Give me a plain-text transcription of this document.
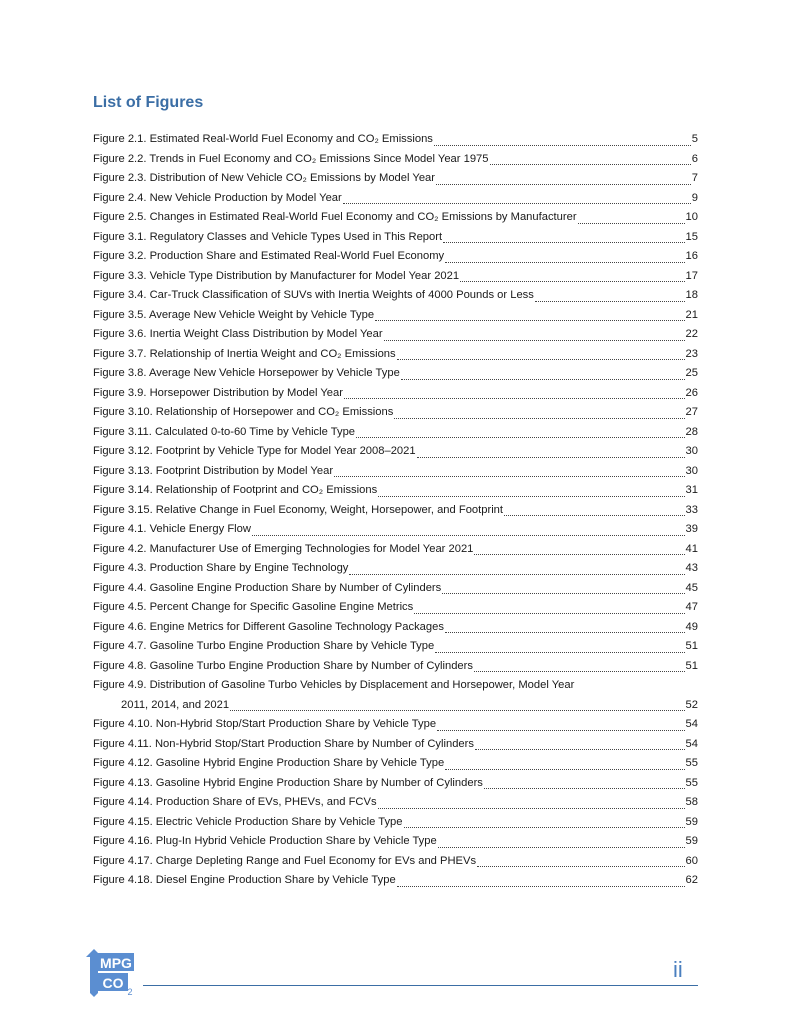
List of Figures
Figure 2.1. Estimated Real-World Fuel Economy and CO₂ Emissions	5
Figure 2.2. Trends in Fuel Economy and CO₂ Emissions Since Model Year 1975	6
Figure 2.3. Distribution of New Vehicle CO₂ Emissions by Model Year	7
Figure 2.4. New Vehicle Production by Model Year	9
Figure 2.5. Changes in Estimated Real-World Fuel Economy and CO₂ Emissions by Manufacturer	10
Figure 3.1. Regulatory Classes and Vehicle Types Used in This Report	15
Figure 3.2. Production Share and Estimated Real-World Fuel Economy	16
Figure 3.3. Vehicle Type Distribution by Manufacturer for Model Year 2021	17
Figure 3.4. Car-Truck Classification of SUVs with Inertia Weights of 4000 Pounds or Less	18
Figure 3.5. Average New Vehicle Weight by Vehicle Type	21
Figure 3.6. Inertia Weight Class Distribution by Model Year	22
Figure 3.7. Relationship of Inertia Weight and CO₂ Emissions	23
Figure 3.8. Average New Vehicle Horsepower by Vehicle Type	25
Figure 3.9. Horsepower Distribution by Model Year	26
Figure 3.10. Relationship of Horsepower and CO₂ Emissions	27
Figure 3.11. Calculated 0-to-60 Time by Vehicle Type	28
Figure 3.12. Footprint by Vehicle Type for Model Year 2008–2021	30
Figure 3.13. Footprint Distribution by Model Year	30
Figure 3.14. Relationship of Footprint and CO₂ Emissions	31
Figure 3.15. Relative Change in Fuel Economy, Weight, Horsepower, and Footprint	33
Figure 4.1. Vehicle Energy Flow	39
Figure 4.2. Manufacturer Use of Emerging Technologies for Model Year 2021	41
Figure 4.3. Production Share by Engine Technology	43
Figure 4.4. Gasoline Engine Production Share by Number of Cylinders	45
Figure 4.5. Percent Change for Specific Gasoline Engine Metrics	47
Figure 4.6. Engine Metrics for Different Gasoline Technology Packages	49
Figure 4.7. Gasoline Turbo Engine Production Share by Vehicle Type	51
Figure 4.8. Gasoline Turbo Engine Production Share by Number of Cylinders	51
Figure 4.9. Distribution of Gasoline Turbo Vehicles by Displacement and Horsepower, Model Year
2011, 2014, and 2021	52
Figure 4.10. Non-Hybrid Stop/Start Production Share by Vehicle Type	54
Figure 4.11. Non-Hybrid Stop/Start Production Share by Number of Cylinders	54
Figure 4.12. Gasoline Hybrid Engine Production Share by Vehicle Type	55
Figure 4.13. Gasoline Hybrid Engine Production Share by Number of Cylinders	55
Figure 4.14. Production Share of EVs, PHEVs, and FCVs	58
Figure 4.15. Electric Vehicle Production Share by Vehicle Type	59
Figure 4.16. Plug-In Hybrid Vehicle Production Share by Vehicle Type	59
Figure 4.17. Charge Depleting Range and Fuel Economy for EVs and PHEVs	60
Figure 4.18. Diesel Engine Production Share by Vehicle Type	62
MPG
CO
2
ii
